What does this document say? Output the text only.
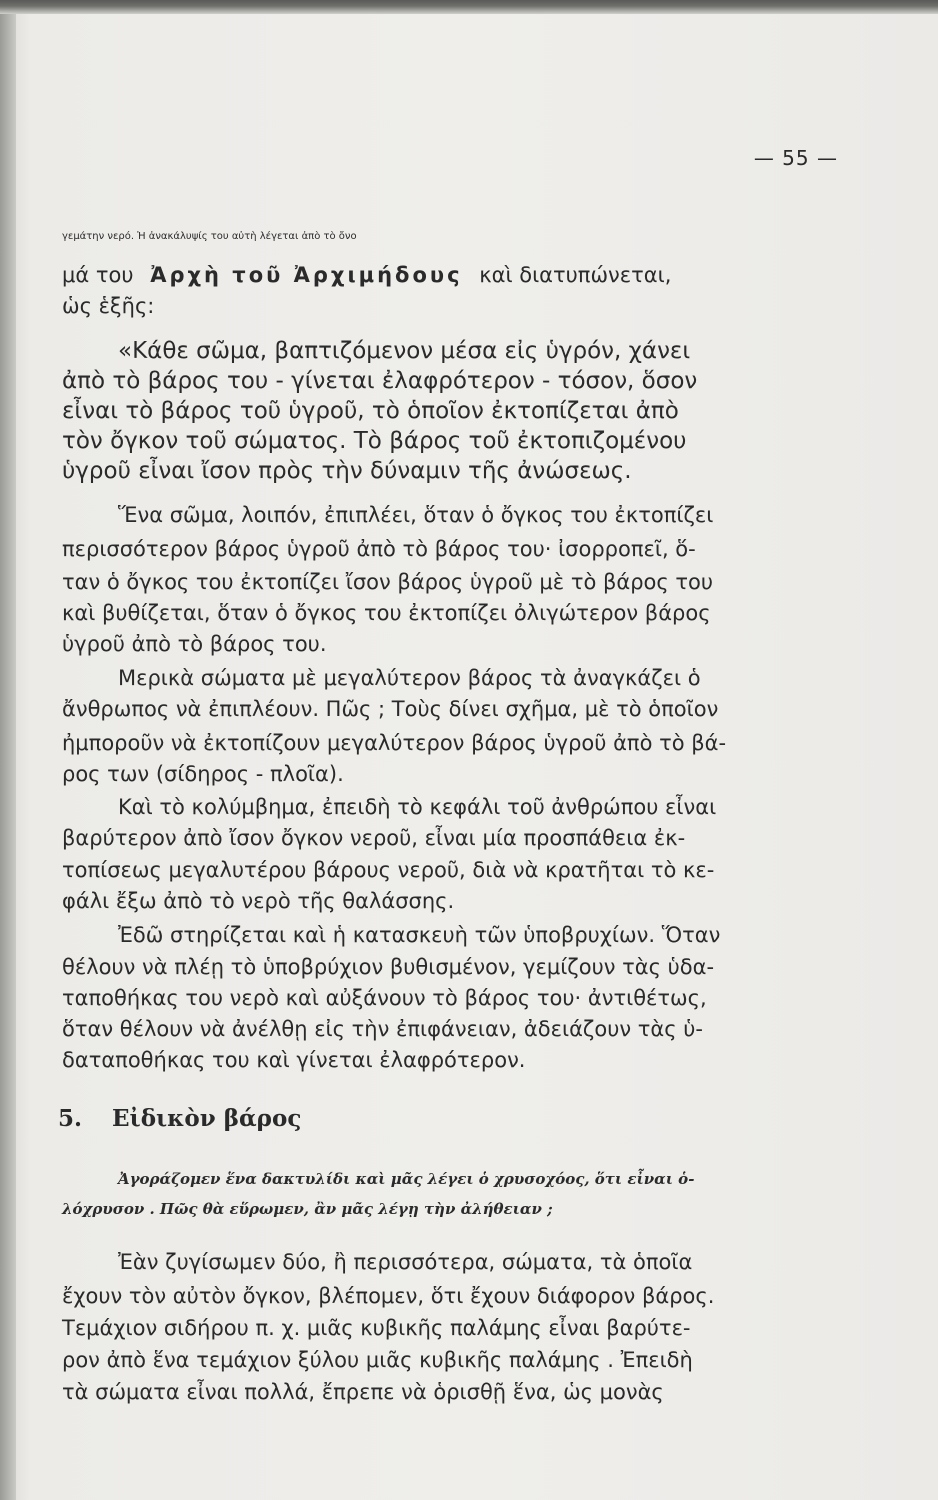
— 55 —
γεμάτην νερό. Ἡ ἀνακάλυψίς του αὐτὴ λέγεται ἀπὸ τὸ ὄνο
μά του Ἀρχὴ τοῦ Ἀρχιμήδους καὶ διατυπώνεται,
ὡς ἑξῆς:
«Κάθε σῶμα, βαπτιζόμενον μέσα εἰς ὑγρόν, χάνει
ἀπὸ τὸ βάρος του - γίνεται ἐλαφρότερον - τόσον, ὅσον
εἶναι τὸ βάρος τοῦ ὑγροῦ, τὸ ὁποῖον ἐκτοπίζεται ἀπὸ
τὸν ὄγκον τοῦ σώματος. Τὸ βάρος τοῦ ἐκτοπιζομένου
ὑγροῦ εἶναι ἴσον πρὸς τὴν δύναμιν τῆς ἀνώσεως.
Ἕνα σῶμα, λοιπόν, ἐπιπλέει, ὅταν ὁ ὄγκος του ἐκτοπίζει
περισσότερον βάρος ὑγροῦ ἀπὸ τὸ βάρος του· ἰσορροπεῖ, ὅ-
ταν ὁ ὄγκος του ἐκτοπίζει ἴσον βάρος ὑγροῦ μὲ τὸ βάρος του
καὶ βυθίζεται, ὅταν ὁ ὄγκος του ἐκτοπίζει ὀλιγώτερον βάρος
ὑγροῦ ἀπὸ τὸ βάρος του.
Μερικὰ σώματα μὲ μεγαλύτερον βάρος τὰ ἀναγκάζει ὁ
ἄνθρωπος νὰ ἐπιπλέουν. Πῶς ; Τοὺς δίνει σχῆμα, μὲ τὸ ὁποῖον
ἠμποροῦν νὰ ἐκτοπίζουν μεγαλύτερον βάρος ὑγροῦ ἀπὸ τὸ βά-
ρος των (σίδηρος - πλοῖα).
Καὶ τὸ κολύμβημα, ἐπειδὴ τὸ κεφάλι τοῦ ἀνθρώπου εἶναι
βαρύτερον ἀπὸ ἴσον ὄγκον νεροῦ, εἶναι μία προσπάθεια ἐκ-
τοπίσεως μεγαλυτέρου βάρους νεροῦ, διὰ νὰ κρατῆται τὸ κε-
φάλι ἔξω ἀπὸ τὸ νερὸ τῆς θαλάσσης.
Ἐδῶ στηρίζεται καὶ ἡ κατασκευὴ τῶν ὑποβρυχίων. Ὅταν
θέλουν νὰ πλέῃ τὸ ὑποβρύχιον βυθισμένον, γεμίζουν τὰς ὑδα-
ταποθήκας του νερὸ καὶ αὐξάνουν τὸ βάρος του· ἀντιθέτως,
ὅταν θέλουν νὰ ἀνέλθῃ εἰς τὴν ἐπιφάνειαν, ἀδειάζουν τὰς ὑ-
δαταποθήκας του καὶ γίνεται ἐλαφρότερον.
5. Εἰδικὸν βάρος
Ἀγοράζομεν ἕνα δακτυλίδι καὶ μᾶς λέγει ὁ χρυσοχόος, ὅτι εἶναι ὁ-
λόχρυσον . Πῶς θὰ εὕρωμεν, ἂν μᾶς λέγῃ τὴν ἀλήθειαν ;
Ἐὰν ζυγίσωμεν δύο, ἢ περισσότερα, σώματα, τὰ ὁποῖα
ἔχουν τὸν αὐτὸν ὄγκον, βλέπομεν, ὅτι ἔχουν διάφορον βάρος.
Τεμάχιον σιδήρου π. χ. μιᾶς κυβικῆς παλάμης εἶναι βαρύτε-
ρον ἀπὸ ἕνα τεμάχιον ξύλου μιᾶς κυβικῆς παλάμης . Ἐπειδὴ
τὰ σώματα εἶναι πολλά, ἔπρεπε νὰ ὁρισθῇ ἕνα, ὡς μονὰς
